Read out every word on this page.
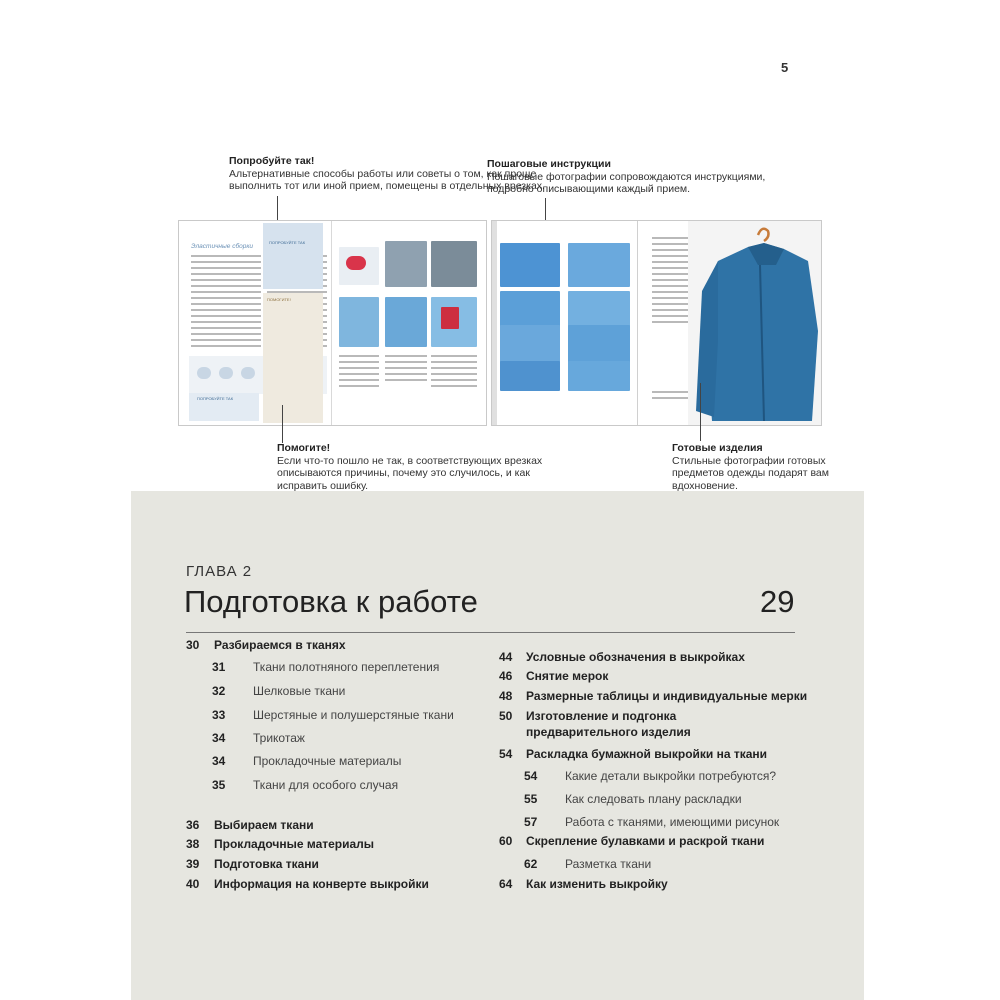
5
Попробуйте так!
Альтернативные способы работы или советы о том, как проще
выполнить тот или иной прием, помещены в отдельных врезках.
Пошаговые инструкции
Пошаговые фотографии сопровождаются инструкциями,
подробно описывающими каждый прием.
Эластичные сборки
ПОПРОБУЙТЕ ТАК
ПОПРОБУЙТЕ ТАК
ПОМОГИТЕ!
Помогите!
Если что-то пошло не так, в соответствующих врезках
описываются причины, почему это случилось, и как
исправить ошибку.
Готовые изделия
Стильные фотографии готовых
предметов одежды подарят вам
вдохновение.
ГЛАВА 2
Подготовка к работе	29
30 Разбираемся в тканях
31 Ткани полотняного переплетения
32 Шелковые ткани
33 Шерстяные и полушерстяные ткани
34 Трикотаж
34 Прокладочные материалы
35 Ткани для особого случая
36 Выбираем ткани
38 Прокладочные материалы
39 Подготовка ткани
40 Информация на конверте выкройки
44 Условные обозначения в выкройках
46 Снятие мерок
48 Размерные таблицы и индивидуальные мерки
50 Изготовление и подгонка
предварительного изделия
54 Раскладка бумажной выкройки на ткани
54 Какие детали выкройки потребуются?
55 Как следовать плану раскладки
57 Работа с тканями, имеющими рисунок
60 Скрепление булавками и раскрой ткани
62 Разметка ткани
64 Как изменить выкройку
